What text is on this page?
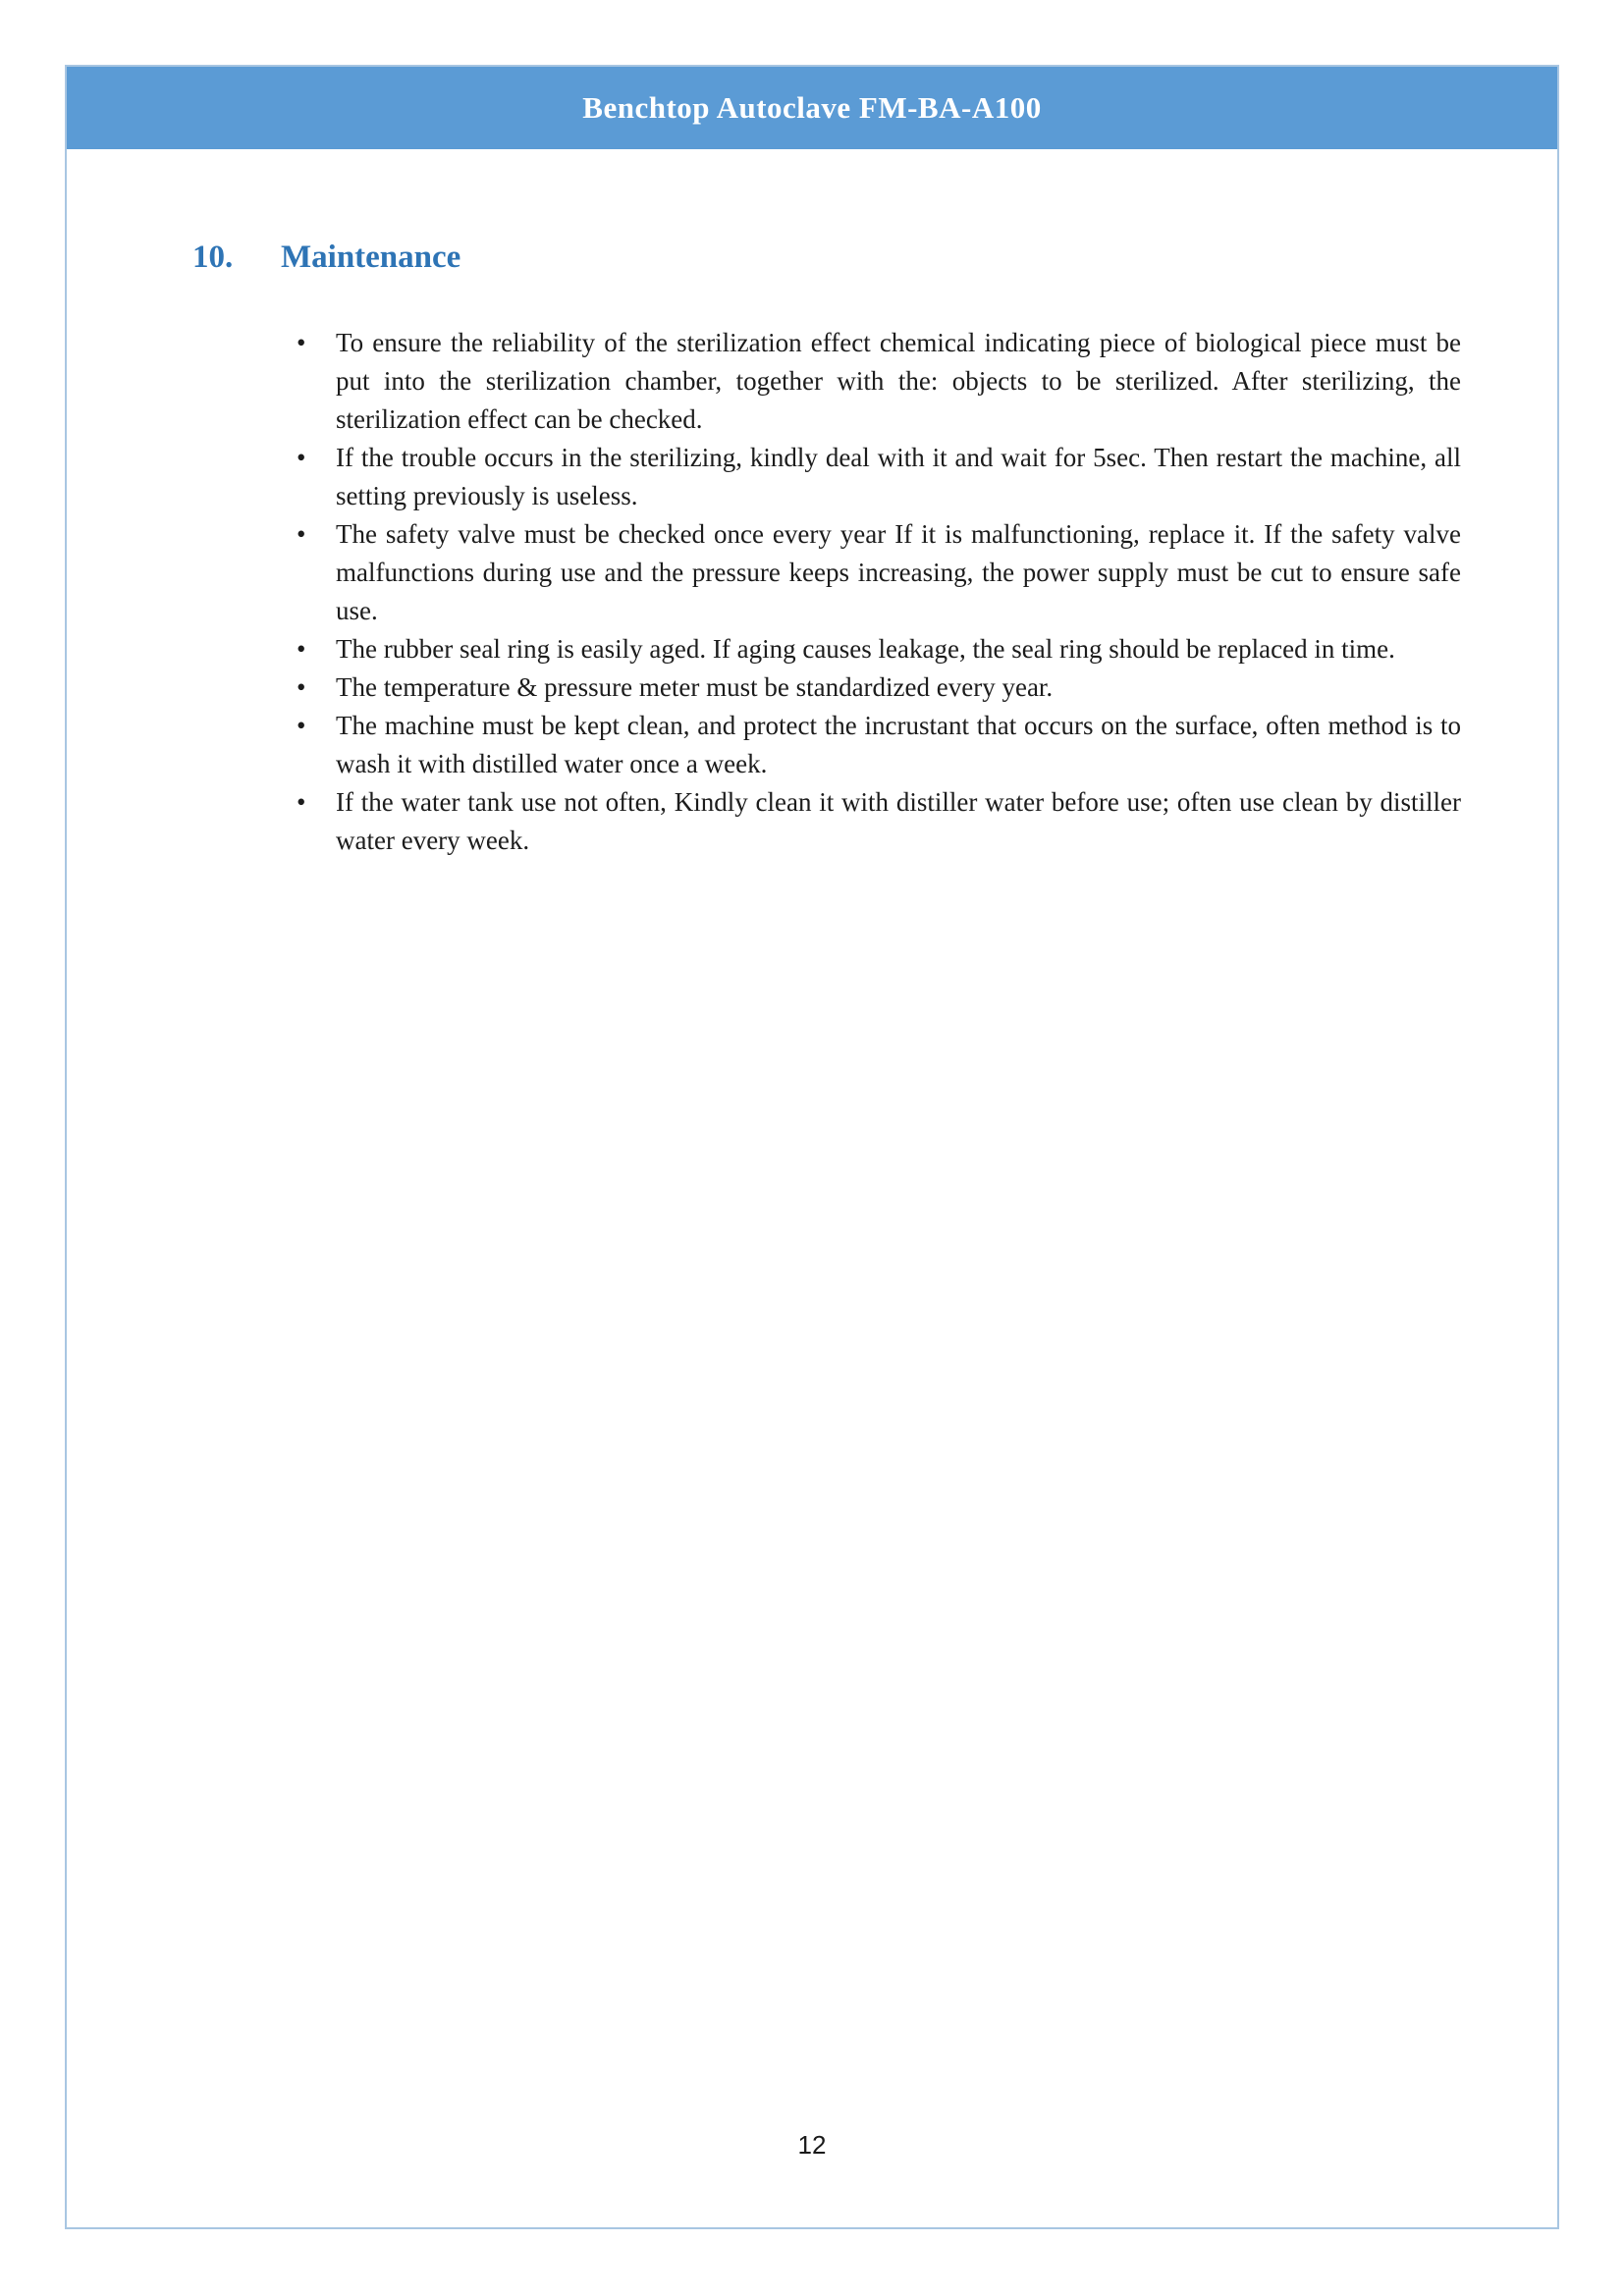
Benchtop Autoclave FM-BA-A100
10. Maintenance
• To ensure the reliability of the sterilization effect chemical indicating piece of biological piece must be put into the sterilization chamber, together with the: objects to be sterilized. After sterilizing, the sterilization effect can be checked.
• If the trouble occurs in the sterilizing, kindly deal with it and wait for 5sec. Then restart the machine, all setting previously is useless.
• The safety valve must be checked once every year If it is malfunctioning, replace it. If the safety valve malfunctions during use and the pressure keeps increasing, the power supply must be cut to ensure safe use.
• The rubber seal ring is easily aged. If aging causes leakage, the seal ring should be replaced in time.
• The temperature & pressure meter must be standardized every year.
• The machine must be kept clean, and protect the incrustant that occurs on the surface, often method is to wash it with distilled water once a week.
• If the water tank use not often, Kindly clean it with distiller water before use; often use clean by distiller water every week.
12
